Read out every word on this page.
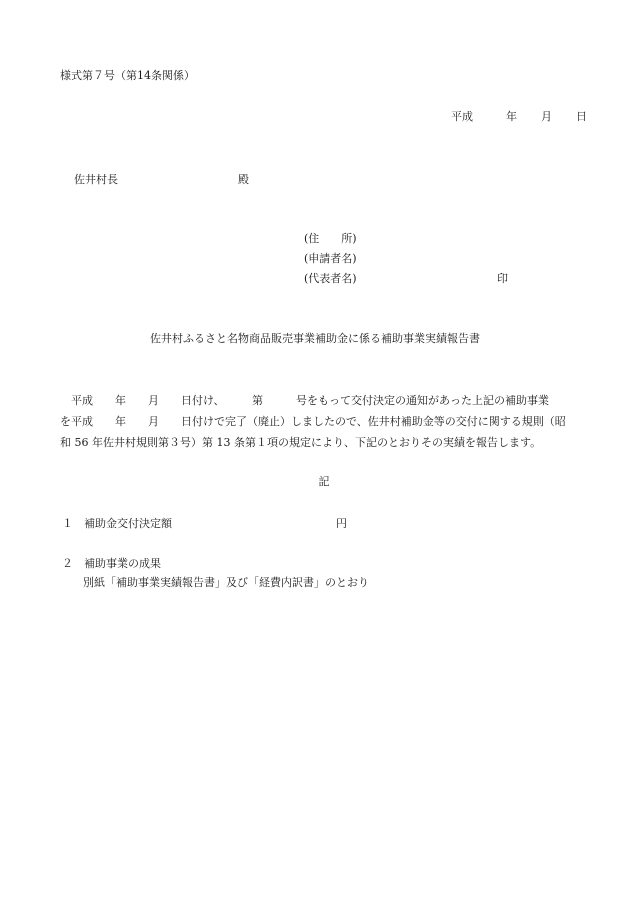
様式第７号（第14条関係）
平成	年 月 日
佐井村長	殿
(住　　所)
(申請者名)
(代表者名)	印
佐井村ふるさと名物商品販売事業補助金に係る補助事業実績報告書

平成　　年　　月　　日付け、　　　第　　　号をもって交付決定の通知があった上記の補助事業

を平成　　年　　月　　日付けで完了（廃止）しましたので、佐井村補助金等の交付に関する規則（昭

和 56 年佐井村規則第３号）第 13 条第１項の規定により、下記のとおりその実績を報告します。

記
１ 補助金交付決定額	円
２ 補助事業の成果
別紙「補助事業実績報告書」及び「経費内訳書」のとおり
